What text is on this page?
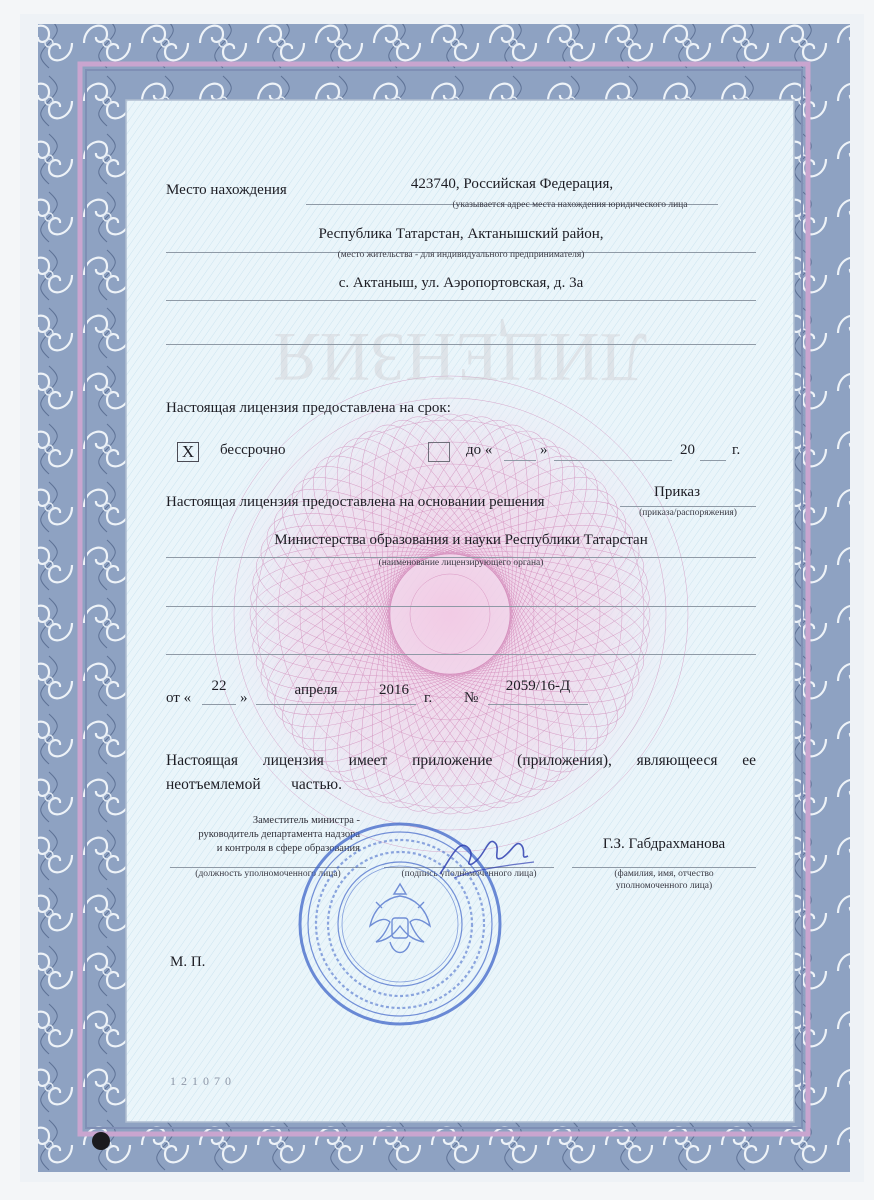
ЛИЦЕНЗИЯ
Место нахождения	423740, Российская Федерация,
(указывается адрес места нахождения юридического лица
Республика Татарстан, Актанышский район,
(место жительства - для индивидуального предпринимателя)
с. Актаныш, ул. Аэропортовская, д. 3а
Настоящая лицензия предоставлена на срок:
X	бессрочно	до «	»	20 г.
Настоящая лицензия предоставлена на основании решения
Приказ
(приказа/распоряжения)
Министерства образования и науки Республики Татарстан
(наименование лицензирующего органа)
от «
22
»	апреля	2016 г. №
2059/16-Д
Настоящая лицензия имеет приложение (приложения), являющееся ее
неотъемлемой частью.
Заместитель министра -
руководитель департамента надзора
и контроля в сфере образования
(должность уполномоченного лица)	(подпись уполномоченного лица)
Г.З. Габдрахманова
(фамилия, имя, отчество
уполномоченного лица)
М. П.
1 2 1 0 7 0
